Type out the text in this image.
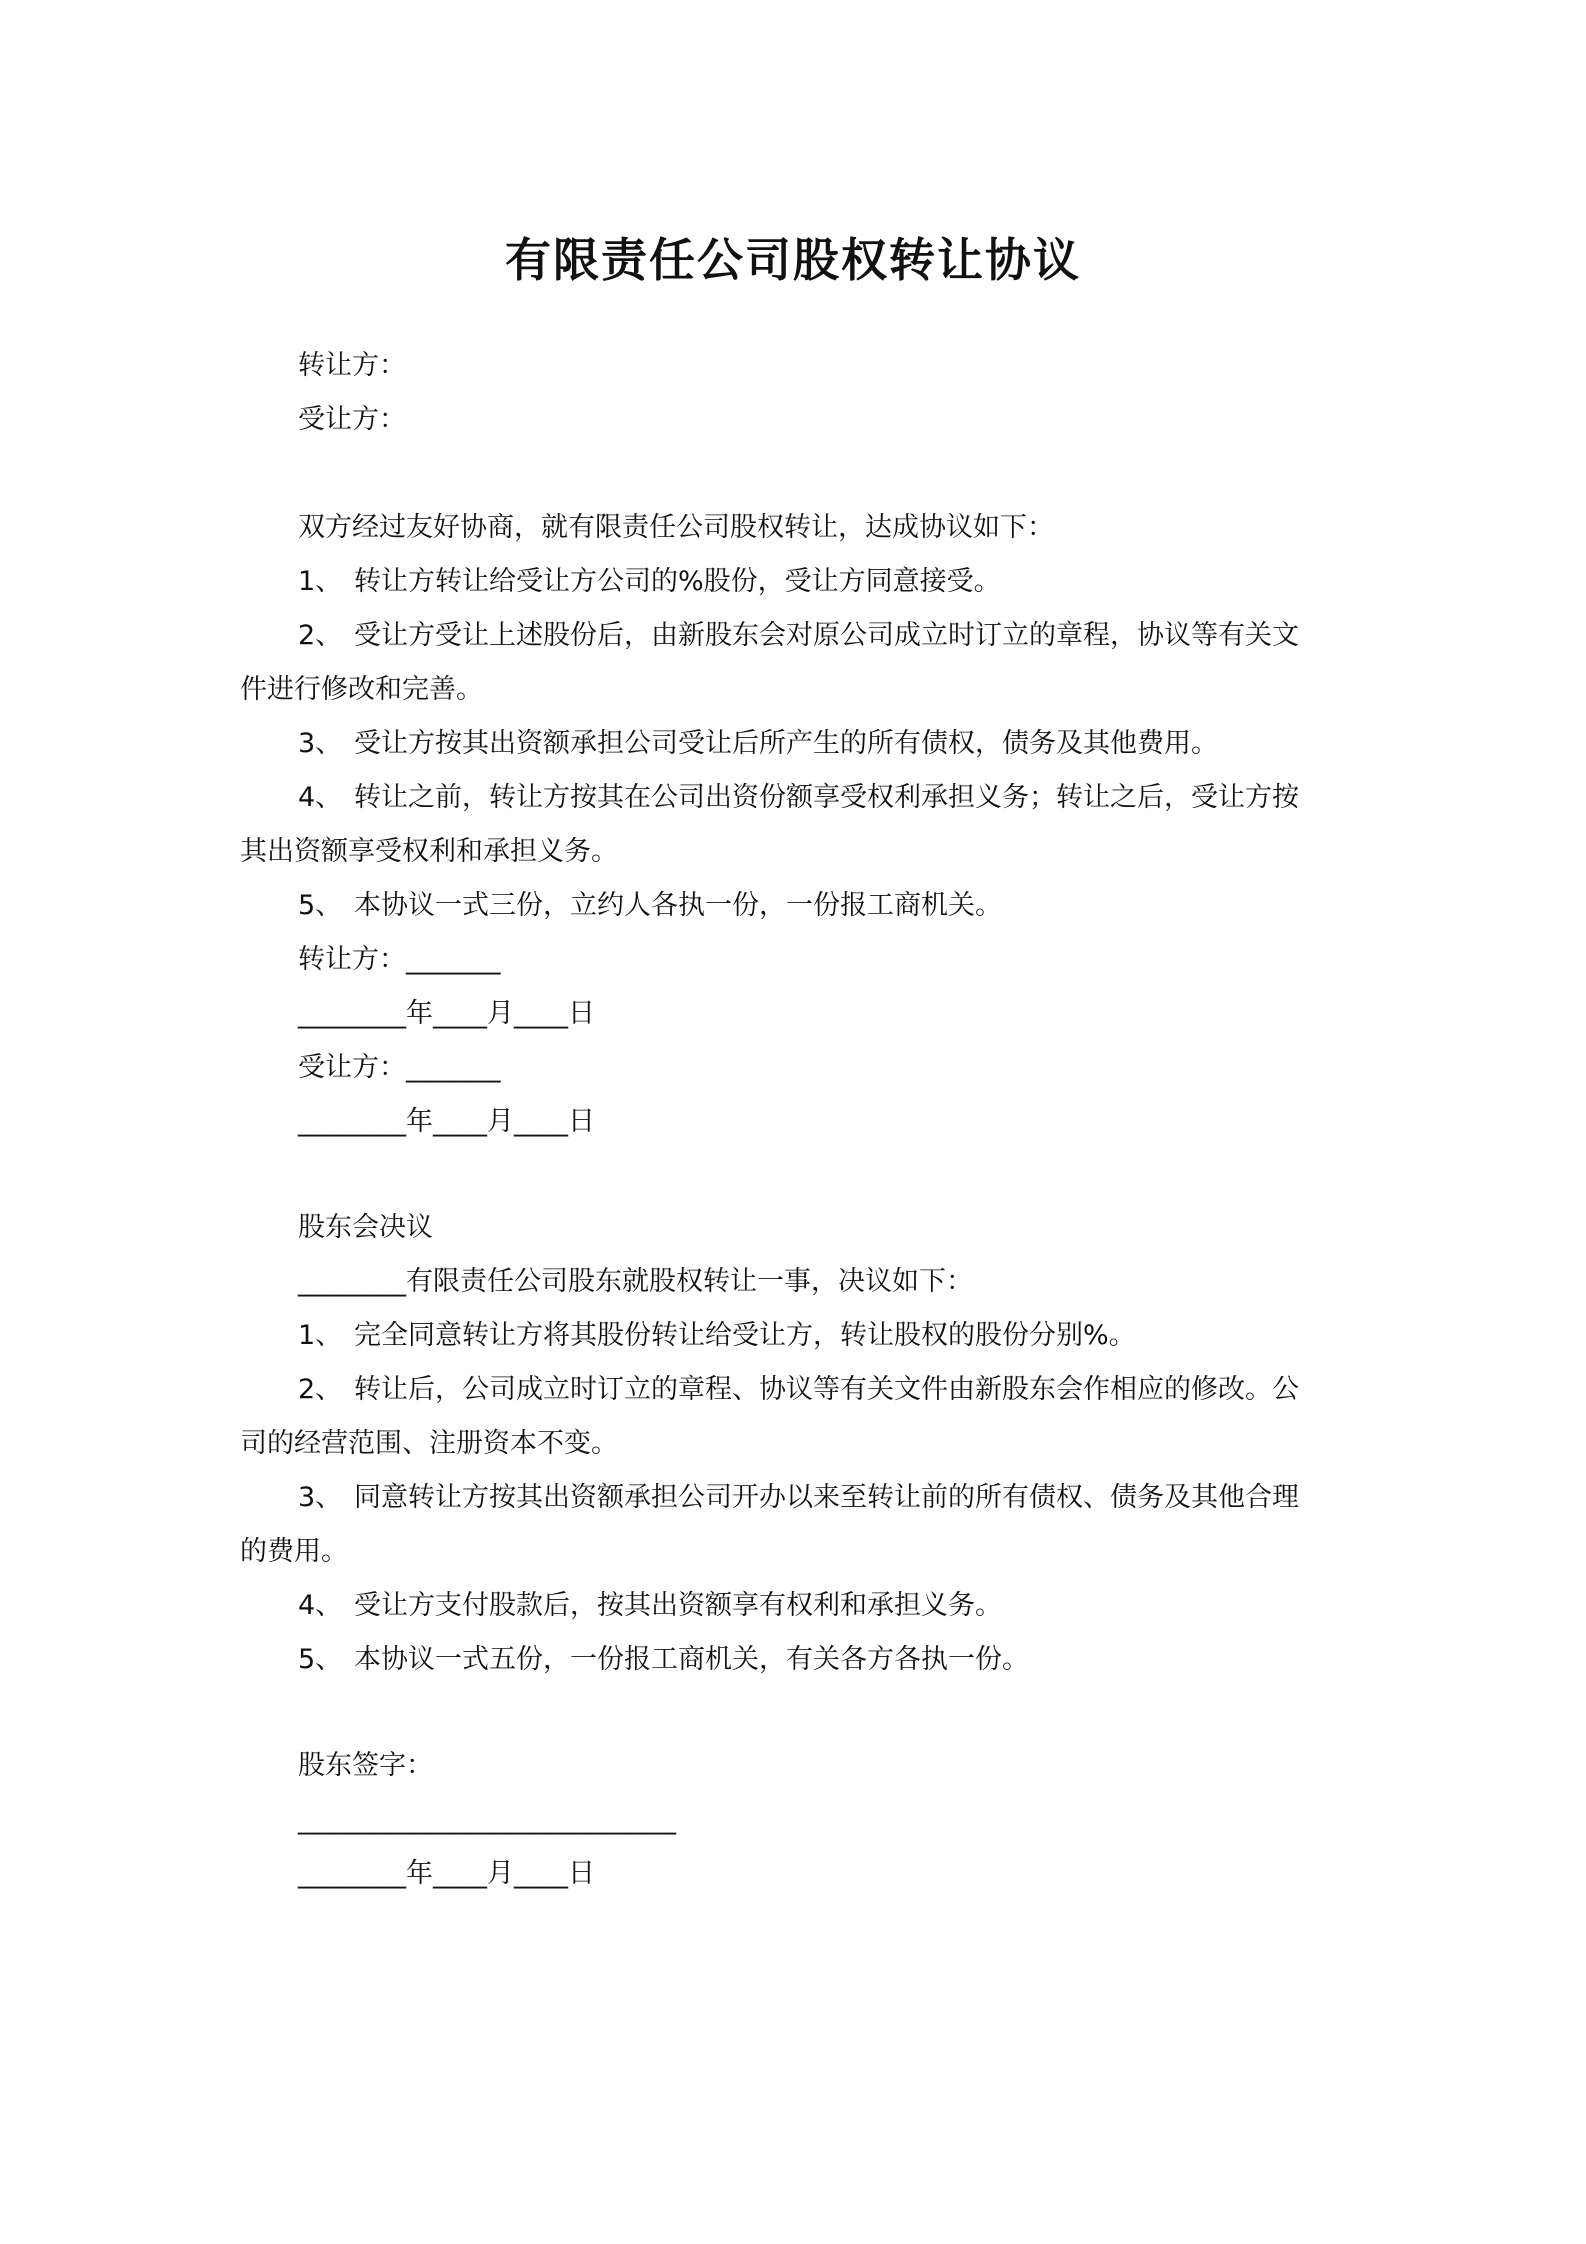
有限责任公司股权转让协议

转让方：

受让方：

双方经过友好协商，就有限责任公司股权转让，达成协议如下：

1、 转让方转让给受让方公司的%股份，受让方同意接受。

2、 受让方受让上述股份后，由新股东会对原公司成立时订立的章程，协议等有关文

件进行修改和完善。

3、 受让方按其出资额承担公司受让后所产生的所有债权，债务及其他费用。

4、 转让之前，转让方按其在公司出资份额享受权利承担义务；转让之后，受让方按

其出资额享受权利和承担义务。

5、 本协议一式三份，立约人各执一份，一份报工商机关。

转让方：_______

________年____月____日

受让方：_______

________年____月____日

股东会决议

________有限责任公司股东就股权转让一事，决议如下：

1、 完全同意转让方将其股份转让给受让方，转让股权的股份分别%。

2、 转让后，公司成立时订立的章程、协议等有关文件由新股东会作相应的修改。公

司的经营范围、注册资本不变。

3、 同意转让方按其出资额承担公司开办以来至转让前的所有债权、债务及其他合理

的费用。

4、 受让方支付股款后，按其出资额享有权利和承担义务。

5、 本协议一式五份，一份报工商机关，有关各方各执一份。

股东签字：

____________________________

________年____月____日
